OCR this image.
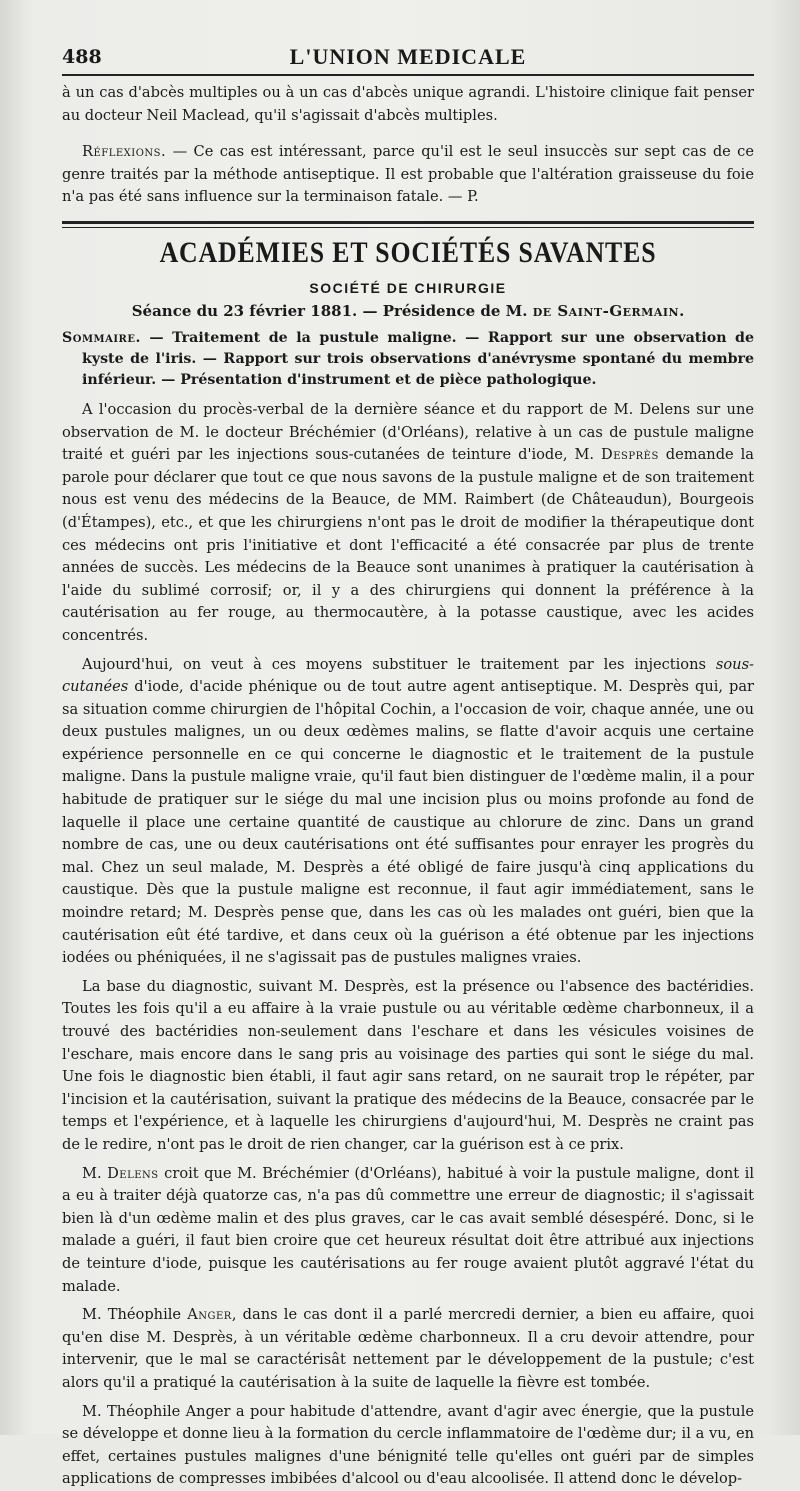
488	L'UNION MEDICALE

à un cas d'abcès multiples ou à un cas d'abcès unique agrandi. L'histoire clinique fait penser au docteur Neil Maclead, qu'il s'agissait d'abcès multiples.

Réflexions. — Ce cas est intéressant, parce qu'il est le seul insuccès sur sept cas de ce genre traités par la méthode antiseptique. Il est probable que l'altération graisseuse du foie n'a pas été sans influence sur la terminaison fatale. — P.

ACADÉMIES ET SOCIÉTÉS SAVANTES
SOCIÉTÉ DE CHIRURGIE
Séance du 23 février 1881. — Présidence de M. de Saint-Germain.

Sommaire. — Traitement de la pustule maligne. — Rapport sur une observation de kyste de l'iris. — Rapport sur trois observations d'anévrysme spontané du membre inférieur. — Présentation d'instrument et de pièce pathologique.

A l'occasion du procès-verbal de la dernière séance et du rapport de M. Delens sur une observation de M. le docteur Bréchémier (d'Orléans), relative à un cas de pustule maligne traité et guéri par les injections sous-cutanées de teinture d'iode, M. Desprès demande la parole pour déclarer que tout ce que nous savons de la pustule maligne et de son traitement nous est venu des médecins de la Beauce, de MM. Raimbert (de Châteaudun), Bourgeois (d'Étampes), etc., et que les chirurgiens n'ont pas le droit de modifier la thérapeutique dont ces médecins ont pris l'initiative et dont l'efficacité a été consacrée par plus de trente années de succès. Les médecins de la Beauce sont unanimes à pratiquer la cautérisation à l'aide du sublimé corrosif; or, il y a des chirurgiens qui donnent la préférence à la cautérisation au fer rouge, au thermocautère, à la potasse caustique, avec les acides concentrés.

Aujourd'hui, on veut à ces moyens substituer le traitement par les injections sous-cutanées d'iode, d'acide phénique ou de tout autre agent antiseptique. M. Desprès qui, par sa situation comme chirurgien de l'hôpital Cochin, a l'occasion de voir, chaque année, une ou deux pustules malignes, un ou deux œdèmes malins, se flatte d'avoir acquis une certaine expérience personnelle en ce qui concerne le diagnostic et le traitement de la pustule maligne. Dans la pustule maligne vraie, qu'il faut bien distinguer de l'œdème malin, il a pour habitude de pratiquer sur le siége du mal une incision plus ou moins profonde au fond de laquelle il place une certaine quantité de caustique au chlorure de zinc. Dans un grand nombre de cas, une ou deux cautérisations ont été suffisantes pour enrayer les progrès du mal. Chez un seul malade, M. Desprès a été obligé de faire jusqu'à cinq applications du caustique. Dès que la pustule maligne est reconnue, il faut agir immédiatement, sans le moindre retard; M. Desprès pense que, dans les cas où les malades ont guéri, bien que la cautérisation eût été tardive, et dans ceux où la guérison a été obtenue par les injections iodées ou phéniquées, il ne s'agissait pas de pustules malignes vraies.

La base du diagnostic, suivant M. Desprès, est la présence ou l'absence des bactéridies. Toutes les fois qu'il a eu affaire à la vraie pustule ou au véritable œdème charbonneux, il a trouvé des bactéridies non-seulement dans l'eschare et dans les vésicules voisines de l'eschare, mais encore dans le sang pris au voisinage des parties qui sont le siége du mal. Une fois le diagnostic bien établi, il faut agir sans retard, on ne saurait trop le répéter, par l'incision et la cautérisation, suivant la pratique des médecins de la Beauce, consacrée par le temps et l'expérience, et à laquelle les chirurgiens d'aujourd'hui, M. Desprès ne craint pas de le redire, n'ont pas le droit de rien changer, car la guérison est à ce prix.

M. Delens croit que M. Bréchémier (d'Orléans), habitué à voir la pustule maligne, dont il a eu à traiter déjà quatorze cas, n'a pas dû commettre une erreur de diagnostic; il s'agissait bien là d'un œdème malin et des plus graves, car le cas avait semblé désespéré. Donc, si le malade a guéri, il faut bien croire que cet heureux résultat doit être attribué aux injections de teinture d'iode, puisque les cautérisations au fer rouge avaient plutôt aggravé l'état du malade.

M. Théophile Anger, dans le cas dont il a parlé mercredi dernier, a bien eu affaire, quoi qu'en dise M. Desprès, à un véritable œdème charbonneux. Il a cru devoir attendre, pour intervenir, que le mal se caractérisât nettement par le développement de la pustule; c'est alors qu'il a pratiqué la cautérisation à la suite de laquelle la fièvre est tombée.

M. Théophile Anger a pour habitude d'attendre, avant d'agir avec énergie, que la pustule se développe et donne lieu à la formation du cercle inflammatoire de l'œdème dur; il a vu, en effet, certaines pustules malignes d'une bénignité telle qu'elles ont guéri par de simples applications de compresses imbibées d'alcool ou d'eau alcoolisée. Il attend donc le dévelop-
